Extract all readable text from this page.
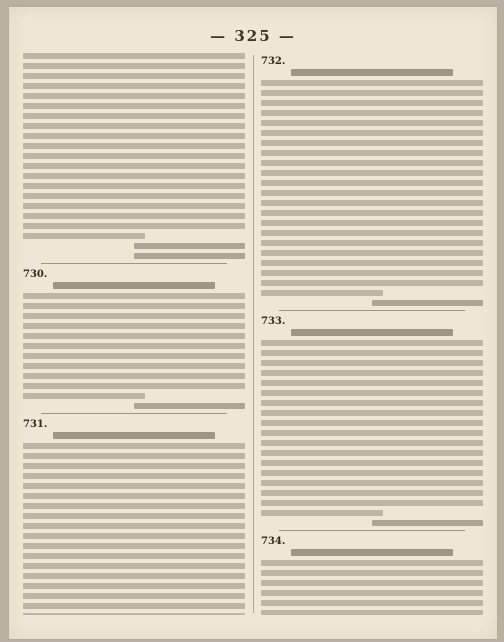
— 325 —
730 .
731 .
732 .
733 .
734 .
